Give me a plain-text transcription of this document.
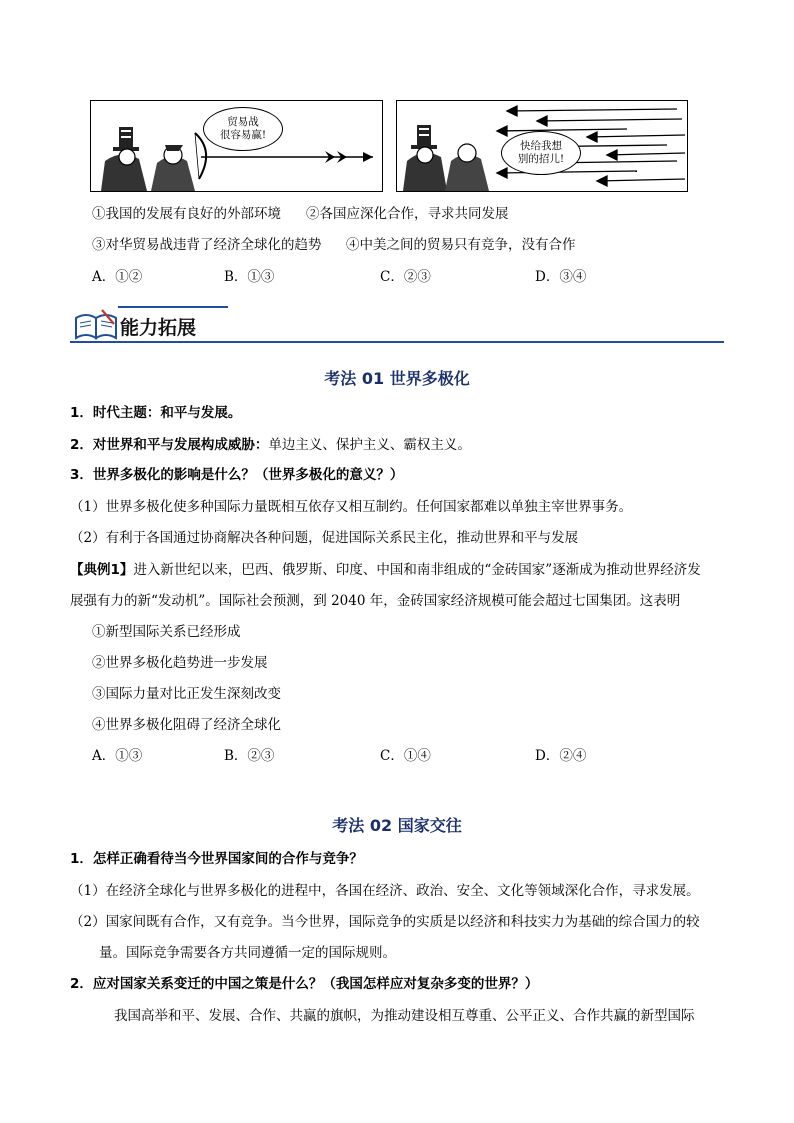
贸易战
很容易赢!
快给我想
别的招儿!
①我国的发展有良好的外部环境 ②各国应深化合作，寻求共同发展
③对华贸易战违背了经济全球化的趋势 ④中美之间的贸易只有竞争，没有合作
A．①②	B．①③	C．②③	D．③④
能力拓展
考法 01 世界多极化
1．时代主题：和平与发展。
2．对世界和平与发展构成威胁：单边主义、保护主义、霸权主义。
3．世界多极化的影响是什么？（世界多极化的意义？）
（1）世界多极化使多种国际力量既相互依存又相互制约。任何国家都难以单独主宰世界事务。
（2）有利于各国通过协商解决各种问题，促进国际关系民主化，推动世界和平与发展
【典例1】进入新世纪以来，巴西、俄罗斯、印度、中国和南非组成的“金砖国家”逐渐成为推动世界经济发
展强有力的新“发动机”。国际社会预测，到 2040 年，金砖国家经济规模可能会超过七国集团。这表明
①新型国际关系已经形成
②世界多极化趋势进一步发展
③国际力量对比正发生深刻改变
④世界多极化阻碍了经济全球化
A．①③	B．②③	C．①④	D．②④
考法 02 国家交往
1．怎样正确看待当今世界国家间的合作与竞争？
（1）在经济全球化与世界多极化的进程中，各国在经济、政治、安全、文化等领域深化合作，寻求发展。
（2）国家间既有合作，又有竞争。当今世界，国际竞争的实质是以经济和科技实力为基础的综合国力的较
量。国际竞争需要各方共同遵循一定的国际规则。
2．应对国家关系变迁的中国之策是什么？（我国怎样应对复杂多变的世界？）
我国高举和平、发展、合作、共赢的旗帜，为推动建设相互尊重、公平正义、合作共赢的新型国际
